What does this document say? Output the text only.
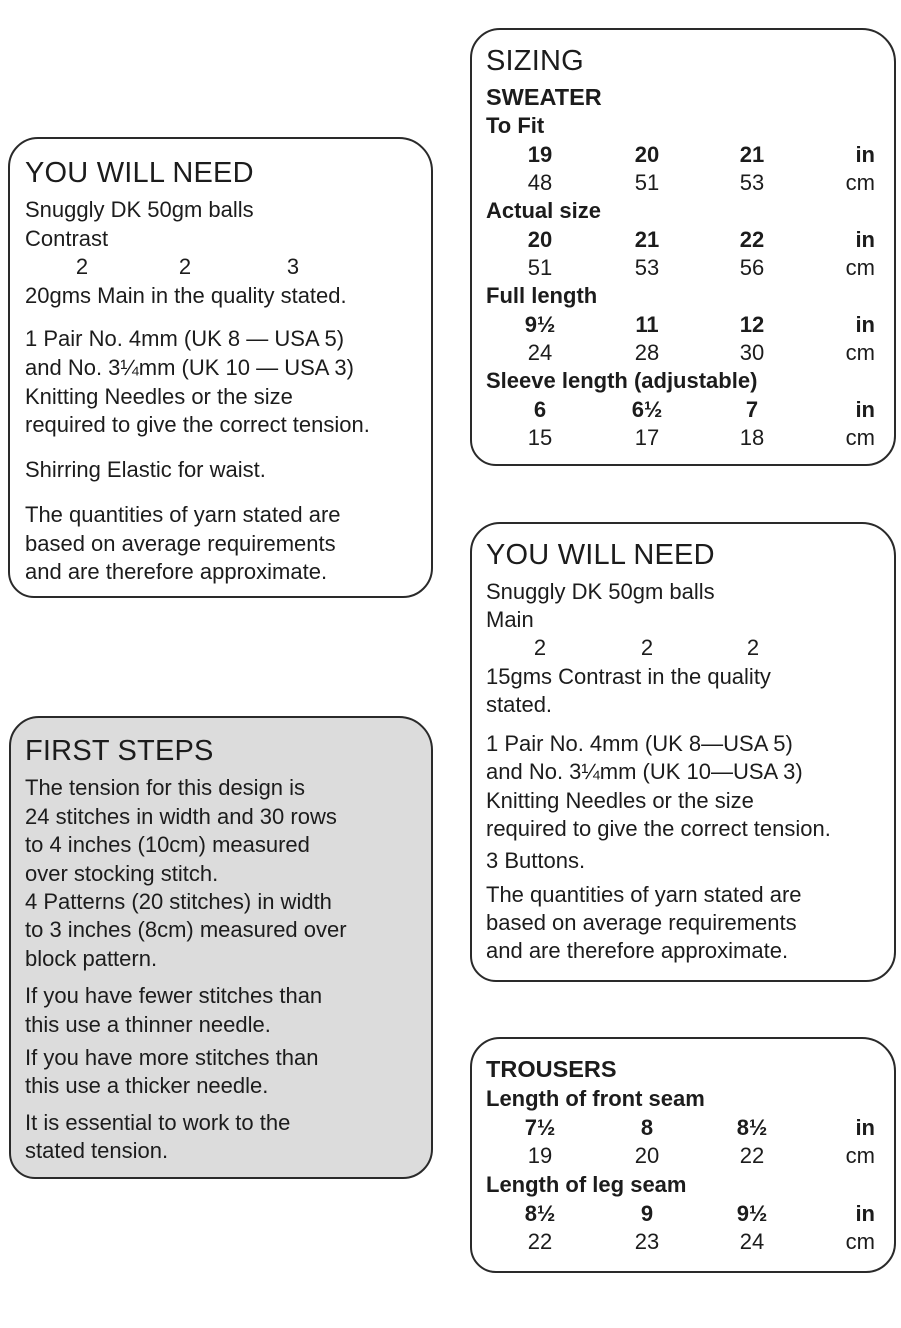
YOU WILL NEED
Snuggly DK 50gm balls
Contrast
2	2	3
20gms Main in the quality stated.
1 Pair No. 4mm (UK 8 — USA 5)
and No. 3¼mm (UK 10 — USA 3)
Knitting Needles or the size
required to give the correct tension.
Shirring Elastic for waist.
The quantities of yarn stated are
based on average requirements
and are therefore approximate.
FIRST STEPS
The tension for this design is
24 stitches in width and 30 rows
to 4 inches (10cm) measured
over stocking stitch.
4 Patterns (20 stitches) in width
to 3 inches (8cm) measured over
block pattern.
If you have fewer stitches than
this use a thinner needle.
If you have more stitches than
this use a thicker needle.
It is essential to work to the
stated tension.
SIZING
SWEATER
To Fit
19	20	21	in
48	51	53	cm
Actual size
20	21	22	in
51	53	56	cm
Full length
9½	11	12	in
24	28	30	cm
Sleeve length (adjustable)
6	6½	7	in
15	17	18	cm
YOU WILL NEED
Snuggly DK 50gm balls
Main
2	2	2
15gms Contrast in the quality
stated.
1 Pair No. 4mm (UK 8—USA 5)
and No. 3¼mm (UK 10—USA 3)
Knitting Needles or the size
required to give the correct tension.
3 Buttons.
The quantities of yarn stated are
based on average requirements
and are therefore approximate.
TROUSERS
Length of front seam
7½	8	8½	in
19	20	22	cm
Length of leg seam
8½	9	9½	in
22	23	24	cm
